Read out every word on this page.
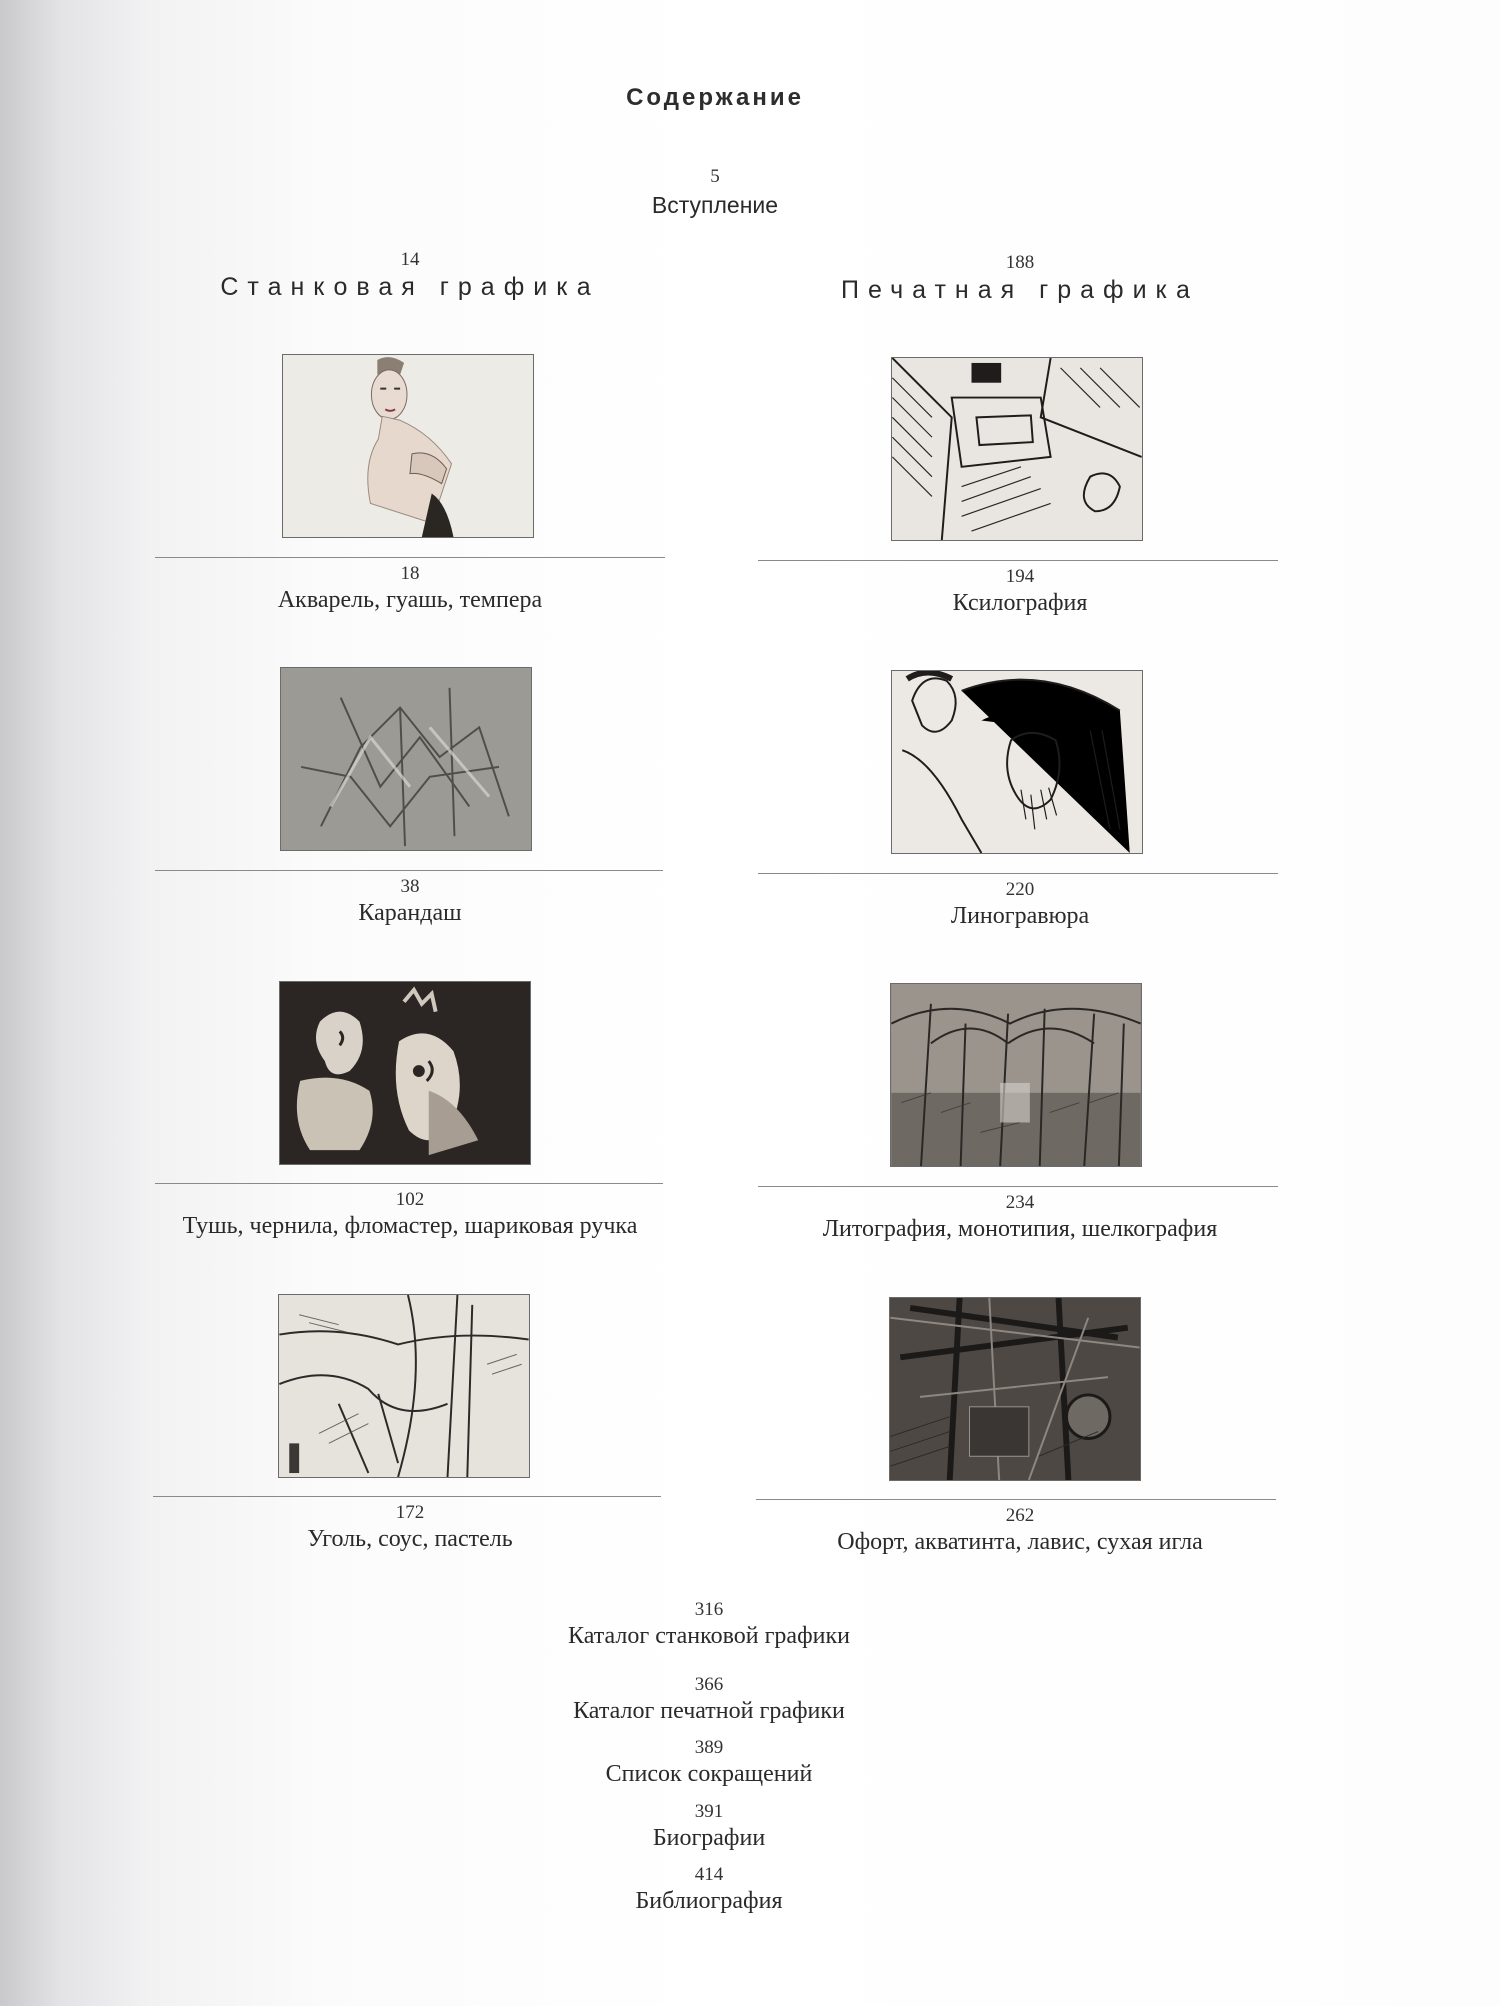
Содержание
5
Вступление
14
Станковая графика
188
Печатная графика
18
Акварель, гуашь, темпера
38
Карандаш
102
Тушь, чернила, фломастер, шариковая ручка
172
Уголь, соус, пастель
194
Ксилография
220
Линогравюра
234
Литография, монотипия, шелкография
262
Офорт, акватинта, лавис, сухая игла
316
Каталог станковой графики
366
Каталог печатной графики
389
Список сокращений
391
Биографии
414
Библиография
